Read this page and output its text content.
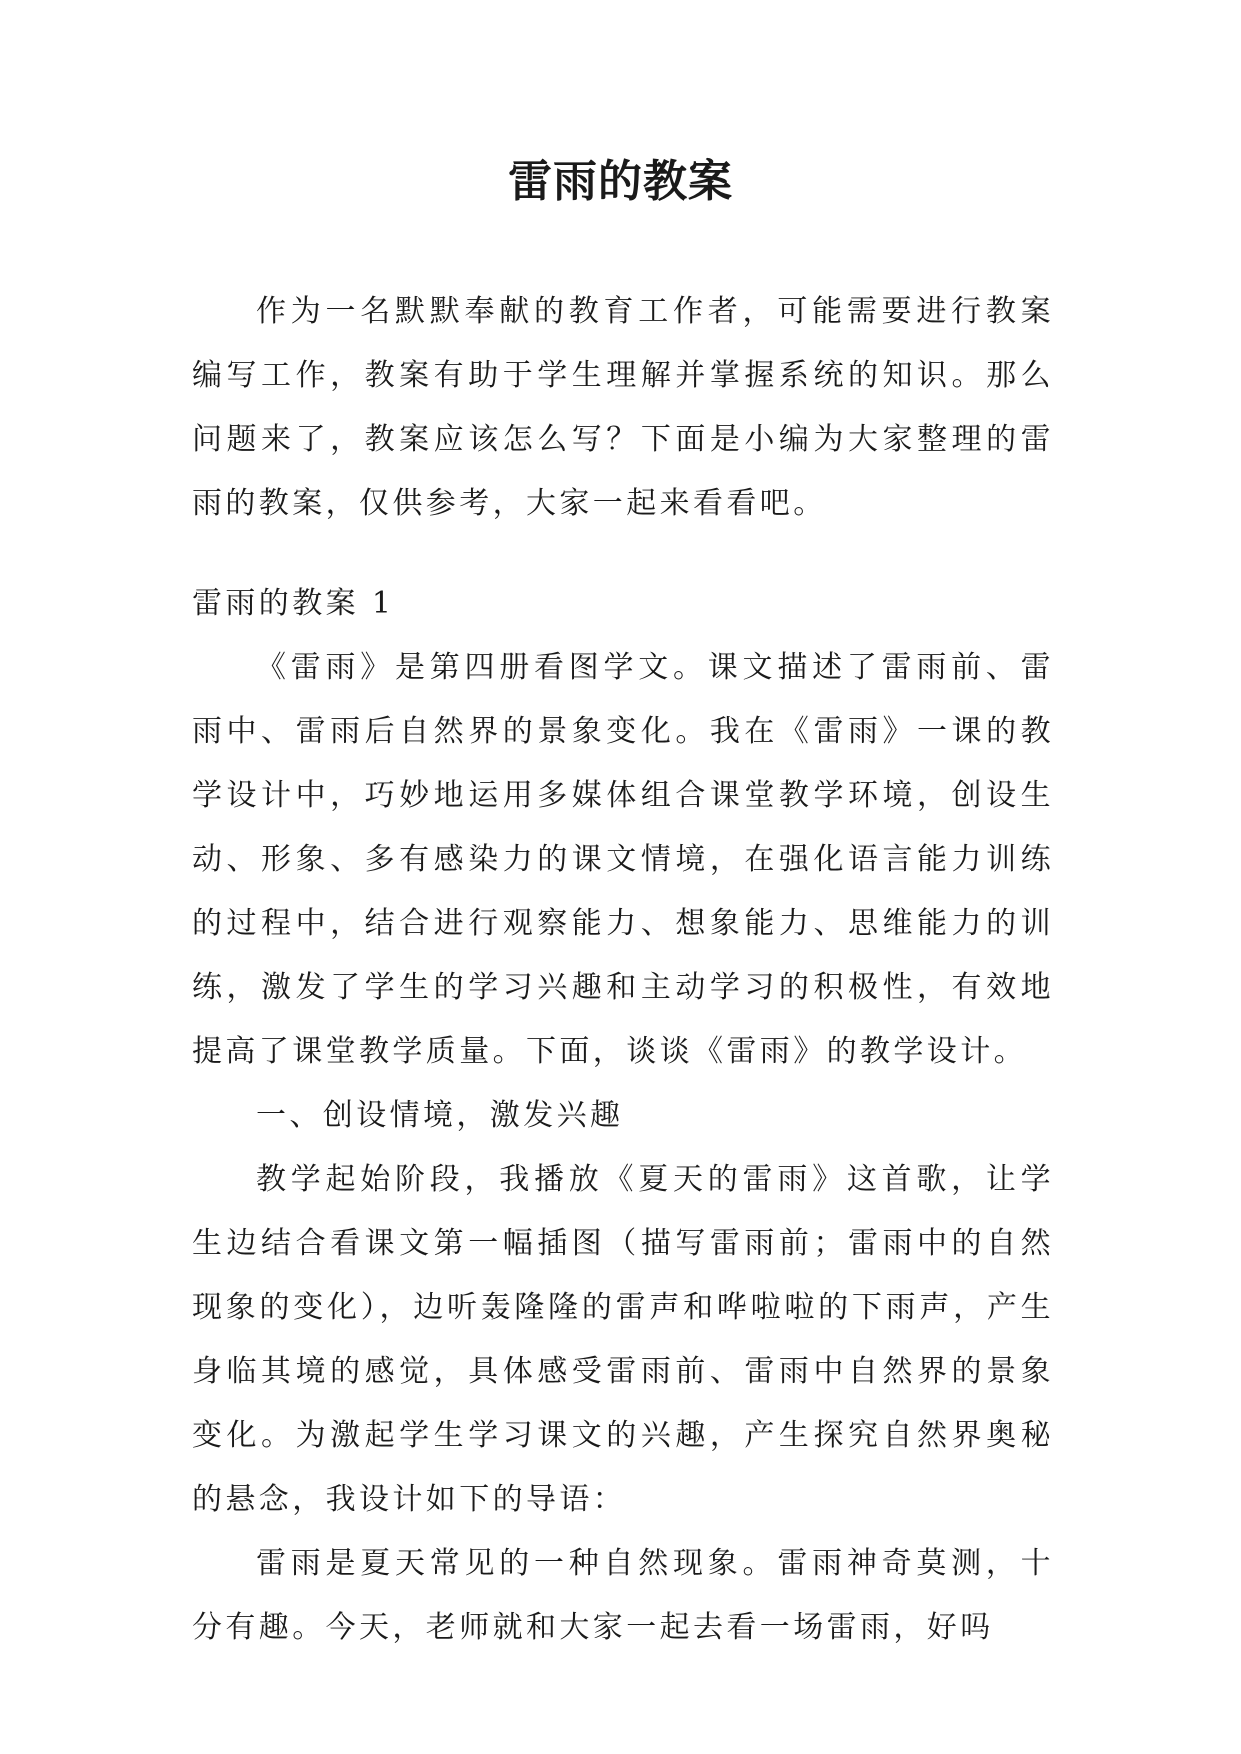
雷雨的教案

作为一名默默奉献的教育工作者，可能需要进行教案编写工作，教案有助于学生理解并掌握系统的知识。那么问题来了，教案应该怎么写？下面是小编为大家整理的雷雨的教案，仅供参考，大家一起来看看吧。

雷雨的教案 1

《雷雨》是第四册看图学文。课文描述了雷雨前、雷雨中、雷雨后自然界的景象变化。我在《雷雨》一课的教学设计中，巧妙地运用多媒体组合课堂教学环境，创设生动、形象、多有感染力的课文情境，在强化语言能力训练的过程中，结合进行观察能力、想象能力、思维能力的训练，激发了学生的学习兴趣和主动学习的积极性，有效地提高了课堂教学质量。下面，谈谈《雷雨》的教学设计。

一、创设情境，激发兴趣

教学起始阶段，我播放《夏天的雷雨》这首歌，让学生边结合看课文第一幅插图（描写雷雨前；雷雨中的自然现象的变化），边听轰隆隆的雷声和哗啦啦的下雨声，产生身临其境的感觉，具体感受雷雨前、雷雨中自然界的景象变化。为激起学生学习课文的兴趣，产生探究自然界奥秘的悬念，我设计如下的导语：

雷雨是夏天常见的一种自然现象。雷雨神奇莫测，十分有趣。今天，老师就和大家一起去看一场雷雨，好吗
